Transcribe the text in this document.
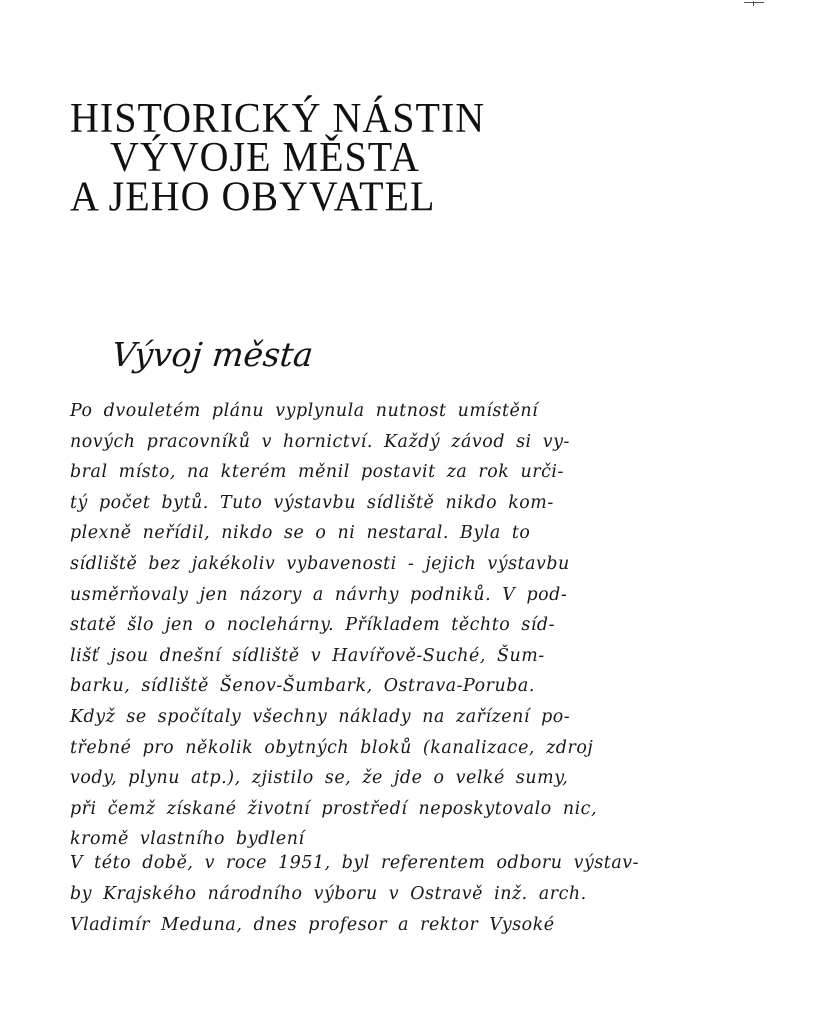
HISTORICKÝ NÁSTIN
VÝVOJE MĚSTA
A JEHO OBYVATEL
Vývoj města
Po dvouletém plánu vyplynula nutnost umístění
nových pracovníků v hornictví. Každý závod si vy-
bral místo, na kterém měnil postavit za rok urči-
tý počet bytů. Tuto výstavbu sídliště nikdo kom-
plexně neřídil, nikdo se o ni nestaral. Byla to
sídliště bez jakékoliv vybavenosti - jejich výstavbu
usměrňovaly jen názory a návrhy podniků. V pod-
statě šlo jen o noclehárny. Příkladem těchto síd-
lišť jsou dnešní sídliště v Havířově-Suché, Šum-
barku, sídliště Šenov-Šumbark, Ostrava-Poruba.
Když se spočítaly všechny náklady na zařízení po-
třebné pro několik obytných bloků (kanalizace, zdroj
vody, plynu atp.), zjistilo se, že jde o velké sumy,
při čemž získané životní prostředí neposkytovalo nic,
kromě vlastního bydlení
V této době, v roce 1951, byl referentem odboru výstav-
by Krajského národního výboru v Ostravě inž. arch.
Vladimír Meduna, dnes profesor a rektor Vysoké
